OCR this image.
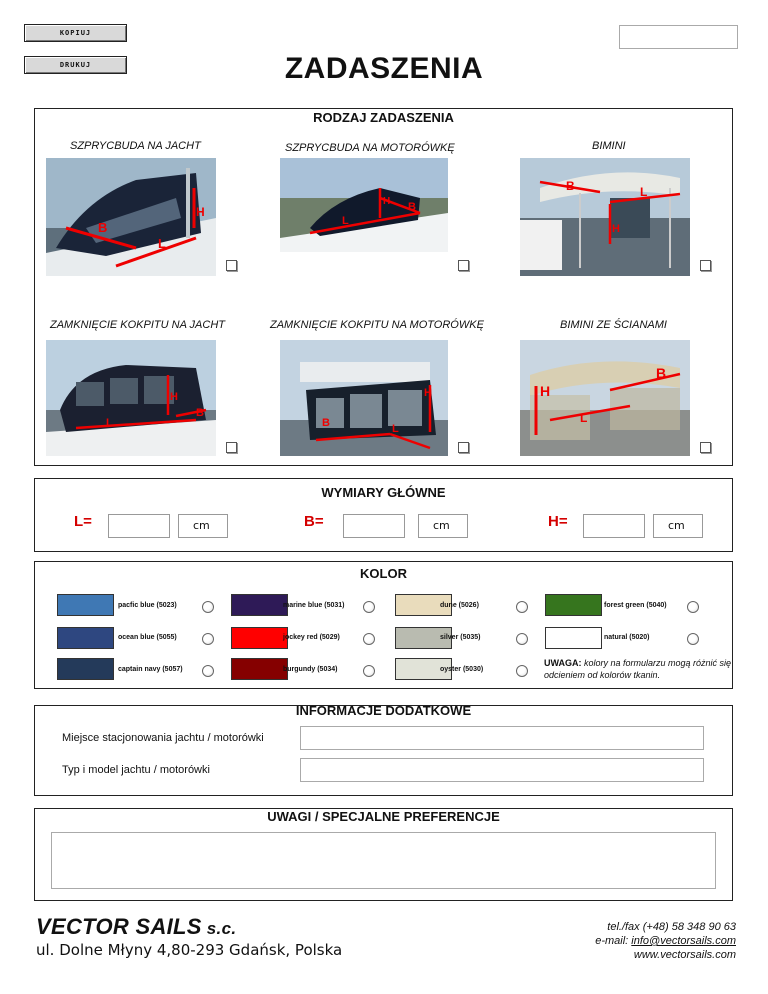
KOPIUJ
DRUKUJ	ZADASZENIA
RODZAJ ZADASZENIA
SZPRYCBUDA NA JACHT	SZPRYCBUDA NA MOTORÓWKĘ	BIMINI
B
L
H
L
B
H
B	L
H
ZAMKNIĘCIE KOKPITU NA JACHT	ZAMKNIĘCIE KOKPITU NA MOTORÓWKĘ	BIMINI ZE ŚCIANAMI
L
B
H
B	L
H	H
L
B
WYMIARY GŁÓWNE
L=	cm	B=	cm	H=	cm
KOLOR
pacfic blue (5023)
ocean blue (5055)
captain navy (5057)
marine blue (5031)
jockey red (5029)
burgundy (5034)
dune (5026)
silver (5035)
oyster (5030)
forest green (5040)
natural (5020)
UWAGA: kolory na formularzu mogą różnić się odcieniem od kolorów tkanin.
INFORMACJE DODATKOWE
Miejsce stacjonowania jachtu / motorówki
Typ i model jachtu / motorówki
UWAGI / SPECJALNE PREFERENCJE
VECTOR SAILS s.c.
ul. Dolne Młyny 4,80-293 Gdańsk, Polska
tel./fax (+48) 58 348 90 63
e-mail: info@vectorsails.com
www.vectorsails.com
